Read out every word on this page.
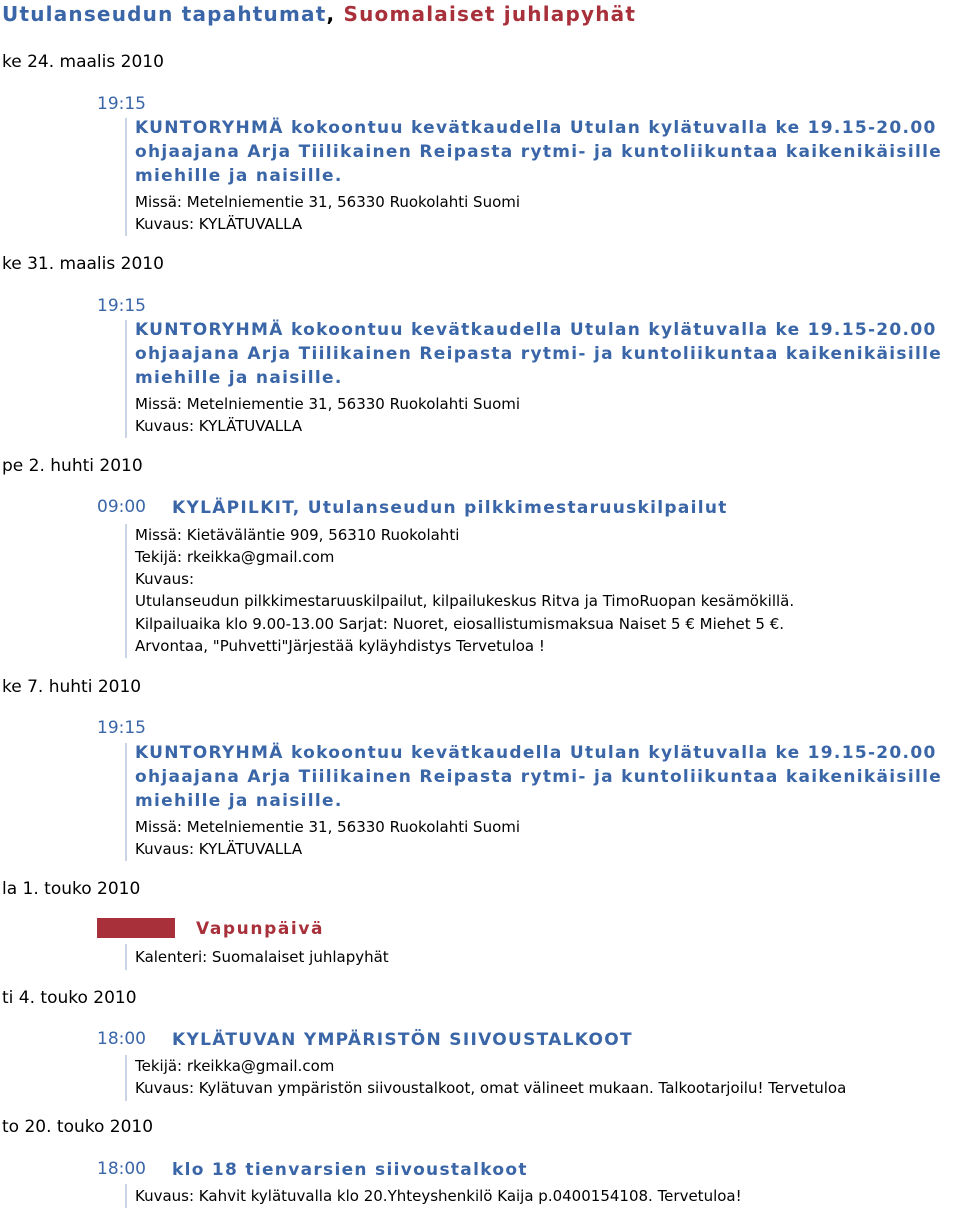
Utulanseudun tapahtumat, Suomalaiset juhlapyhät
ke 24. maalis 2010
19:15
KUNTORYHMÄ kokoontuu kevätkaudella Utulan kylätuvalla ke 19.15-20.00
ohjaajana Arja Tiilikainen Reipasta rytmi- ja kuntoliikuntaa kaikenikäisille
miehille ja naisille.
Missä: Metelniementie 31, 56330 Ruokolahti Suomi
Kuvaus: KYLÄTUVALLA
ke 31. maalis 2010
19:15
KUNTORYHMÄ kokoontuu kevätkaudella Utulan kylätuvalla ke 19.15-20.00
ohjaajana Arja Tiilikainen Reipasta rytmi- ja kuntoliikuntaa kaikenikäisille
miehille ja naisille.
Missä: Metelniementie 31, 56330 Ruokolahti Suomi
Kuvaus: KYLÄTUVALLA
pe 2. huhti 2010
09:00 KYLÄPILKIT, Utulanseudun pilkkimestaruuskilpailut
Missä: Kietäväläntie 909, 56310 Ruokolahti
Tekijä: rkeikka@gmail.com
Kuvaus:
Utulanseudun pilkkimestaruuskilpailut, kilpailukeskus Ritva ja TimoRuopan kesämökillä.
Kilpailuaika klo 9.00-13.00 Sarjat: Nuoret, eiosallistumismaksua Naiset 5 € Miehet 5 €.
Arvontaa, "Puhvetti"Järjestää kyläyhdistys Tervetuloa !
ke 7. huhti 2010
19:15
KUNTORYHMÄ kokoontuu kevätkaudella Utulan kylätuvalla ke 19.15-20.00
ohjaajana Arja Tiilikainen Reipasta rytmi- ja kuntoliikuntaa kaikenikäisille
miehille ja naisille.
Missä: Metelniementie 31, 56330 Ruokolahti Suomi
Kuvaus: KYLÄTUVALLA
la 1. touko 2010
Vapunpäivä
Kalenteri: Suomalaiset juhlapyhät
ti 4. touko 2010
18:00 KYLÄTUVAN YMPÄRISTÖN SIIVOUSTALKOOT
Tekijä: rkeikka@gmail.com
Kuvaus: Kylätuvan ympäristön siivoustalkoot, omat välineet mukaan. Talkootarjoilu! Tervetuloa
to 20. touko 2010
18:00 klo 18 tienvarsien siivoustalkoot
Kuvaus: Kahvit kylätuvalla klo 20.Yhteyshenkilö Kaija p.0400154108. Tervetuloa!
